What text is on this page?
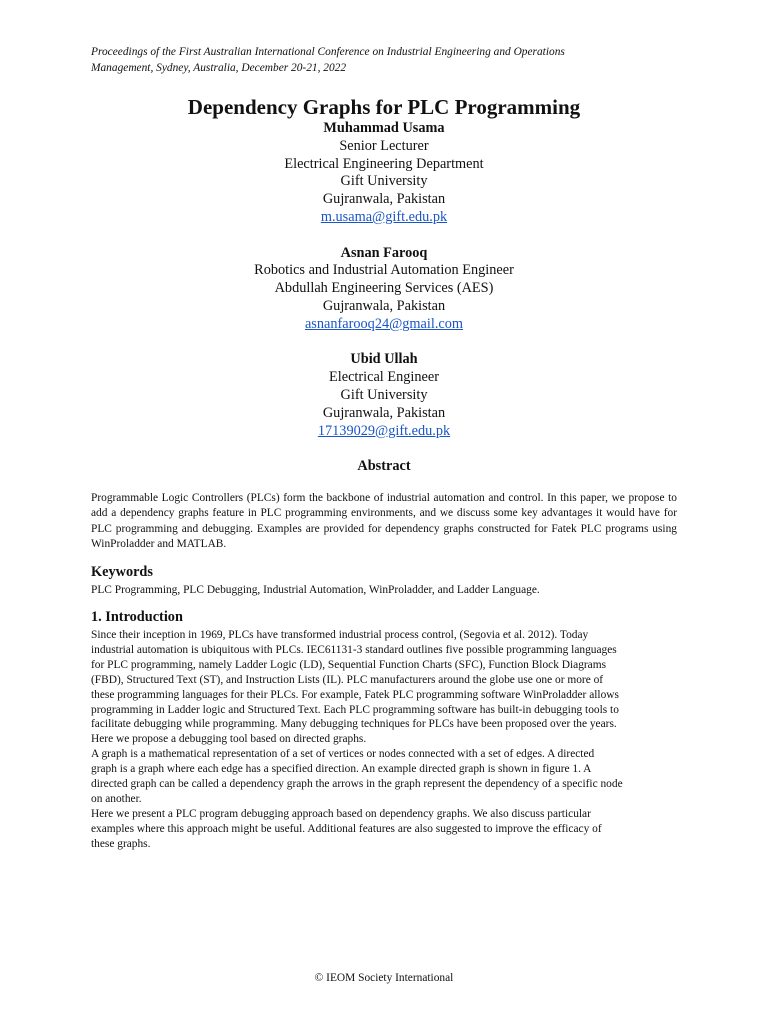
Proceedings of the First Australian International Conference on Industrial Engineering and Operations
Management, Sydney, Australia, December 20-21, 2022
Dependency Graphs for PLC Programming
Muhammad Usama
Senior Lecturer
Electrical Engineering Department
Gift University
Gujranwala, Pakistan
m.usama@gift.edu.pk
Asnan Farooq
Robotics and Industrial Automation Engineer
Abdullah Engineering Services (AES)
Gujranwala, Pakistan
asnanfarooq24@gmail.com
Ubid Ullah
Electrical Engineer
Gift University
Gujranwala, Pakistan
17139029@gift.edu.pk
Abstract
Programmable Logic Controllers (PLCs) form the backbone of industrial automation and control. In this paper, we propose to add a dependency graphs feature in PLC programming environments, and we discuss some key advantages it would have for PLC programming and debugging. Examples are provided for dependency graphs constructed for Fatek PLC programs using WinProladder and MATLAB.
Keywords
PLC Programming, PLC Debugging, Industrial Automation, WinProladder, and Ladder Language.
1. Introduction

Since their inception in 1969, PLCs have transformed industrial process control, (Segovia et al. 2012). Today

industrial automation is ubiquitous with PLCs. IEC61131-3 standard outlines five possible programming languages

for PLC programming, namely Ladder Logic (LD), Sequential Function Charts (SFC), Function Block Diagrams

(FBD), Structured Text (ST), and Instruction Lists (IL). PLC manufacturers around the globe use one or more of

these programming languages for their PLCs. For example, Fatek PLC programming software WinProladder allows

programming in Ladder logic and Structured Text. Each PLC programming software has built-in debugging tools to

facilitate debugging while programming. Many debugging techniques for PLCs have been proposed over the years.

Here we propose a debugging tool based on directed graphs.

A graph is a mathematical representation of a set of vertices or nodes connected with a set of edges. A directed

graph is a graph where each edge has a specified direction. An example directed graph is shown in figure 1. A

directed graph can be called a dependency graph the arrows in the graph represent the dependency of a specific node

on another.

Here we present a PLC program debugging approach based on dependency graphs. We also discuss particular

examples where this approach might be useful. Additional features are also suggested to improve the efficacy of

these graphs.

© IEOM Society International
